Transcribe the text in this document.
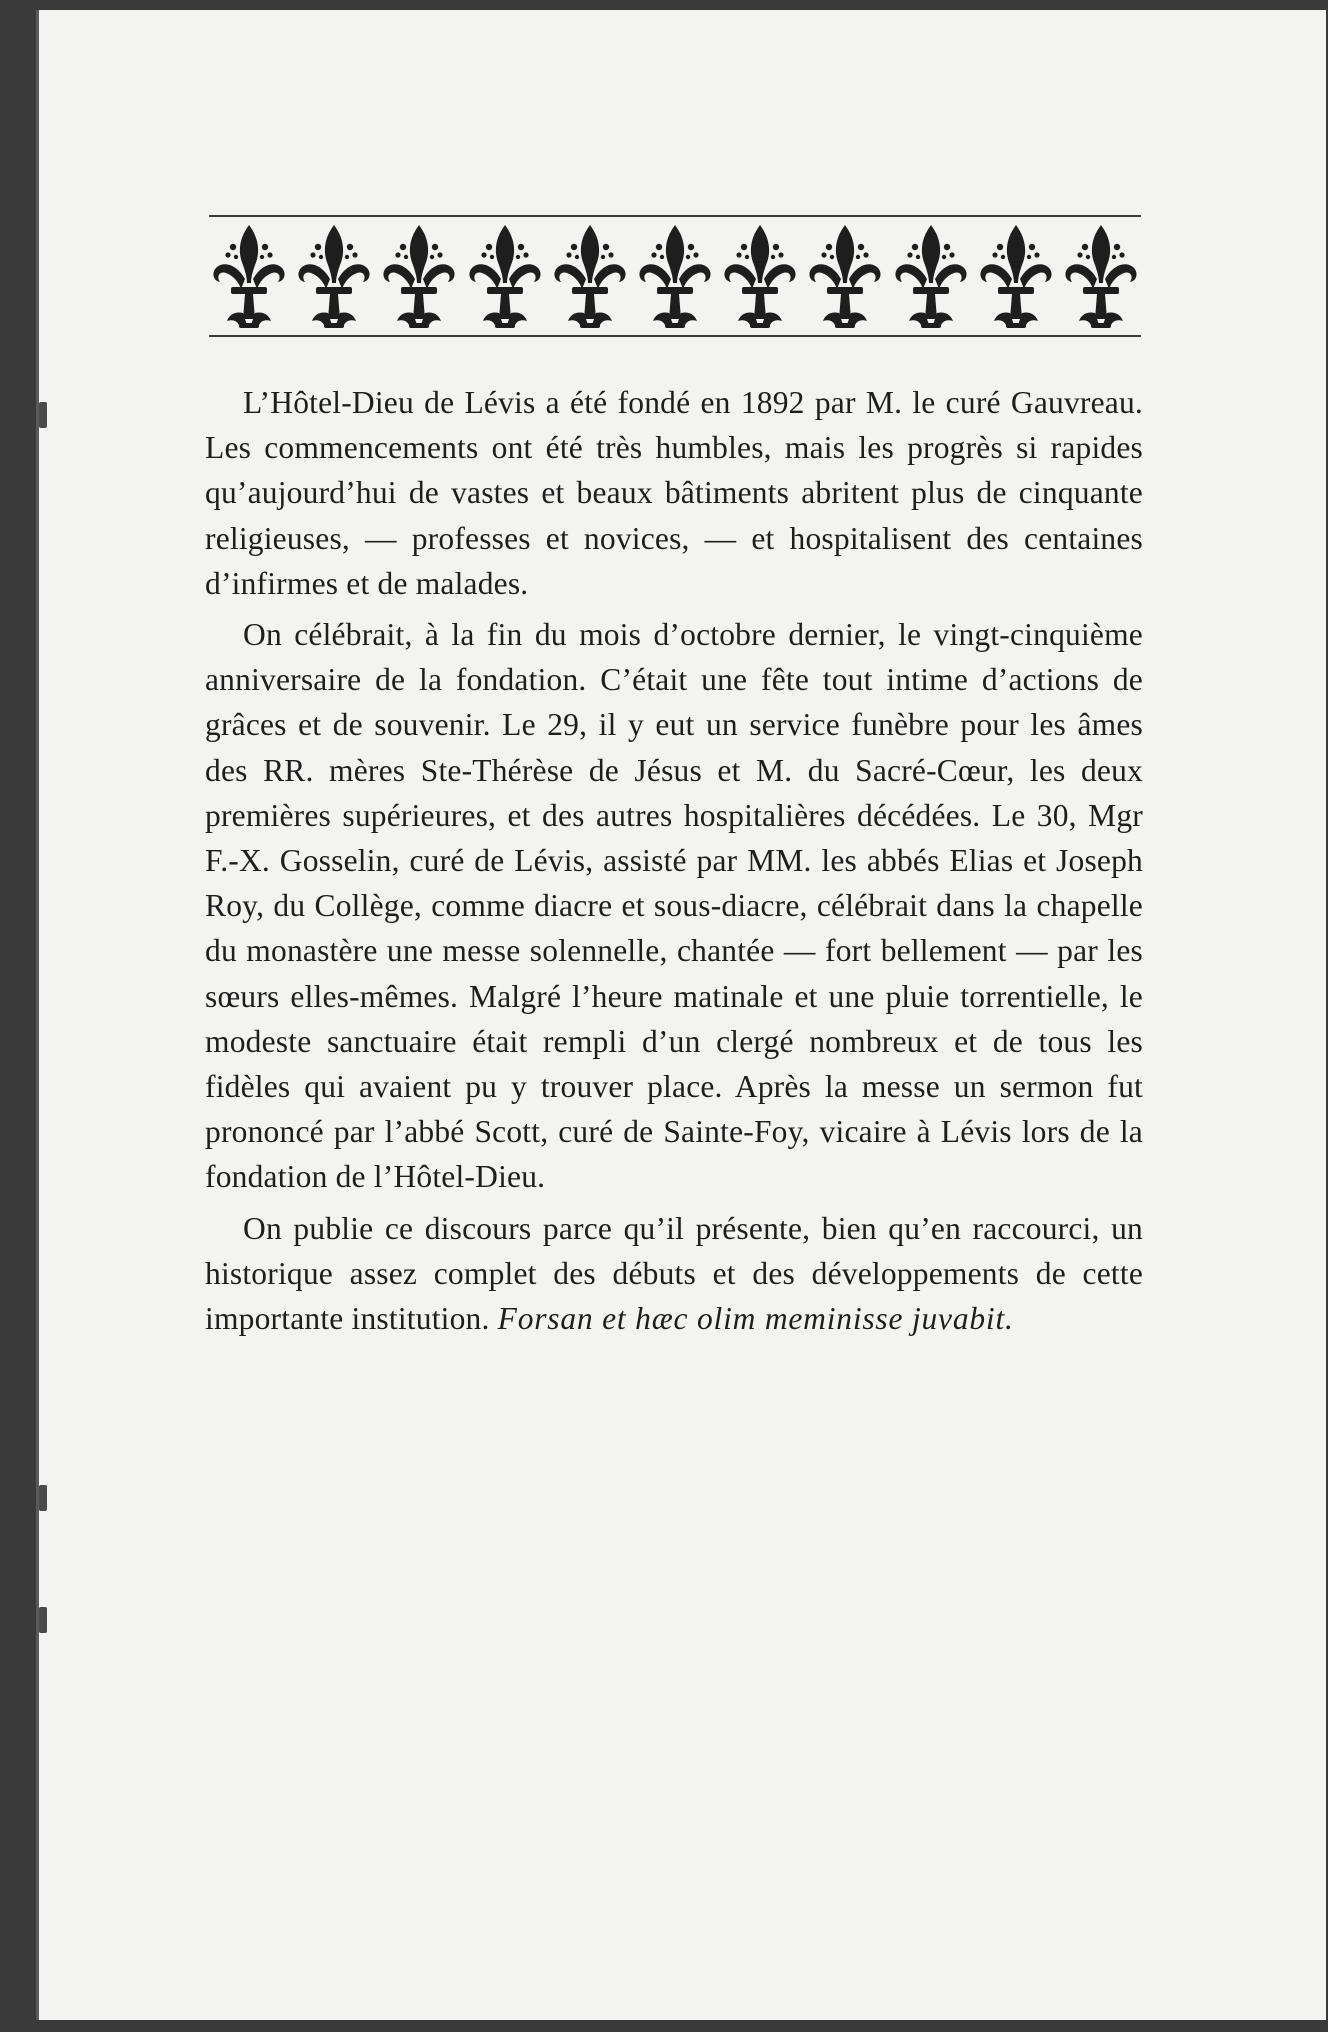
L’Hôtel-Dieu de Lévis a été fondé en 1892 par M. le curé Gauvreau. Les commencements ont été très humbles, mais les progrès si rapides qu’aujourd’hui de vastes et beaux bâtiments abritent plus de cinquante religieuses, — professes et novices, — et hospitalisent des centaines d’infirmes et de malades.

On célébrait, à la fin du mois d’octobre dernier, le vingt-cinquième anniversaire de la fondation. C’était une fête tout intime d’actions de grâces et de souvenir. Le 29, il y eut un service funèbre pour les âmes des RR. mères Ste-Thérèse de Jésus et M. du Sacré-Cœur, les deux premières supérieures, et des autres hospitalières décédées. Le 30, Mgr F.-X. Gosselin, curé de Lévis, assisté par MM. les abbés Elias et Joseph Roy, du Collège, comme diacre et sous-diacre, célébrait dans la chapelle du monastère une messe solennelle, chantée — fort bellement — par les sœurs elles-mêmes. Malgré l’heure matinale et une pluie torrentielle, le modeste sanctuaire était rempli d’un clergé nombreux et de tous les fidèles qui avaient pu y trouver place. Après la messe un sermon fut prononcé par l’abbé Scott, curé de Sainte-Foy, vicaire à Lévis lors de la fondation de l’Hôtel-Dieu.

On publie ce discours parce qu’il présente, bien qu’en raccourci, un historique assez complet des débuts et des développements de cette importante institution. Forsan et hæc olim meminisse juvabit.
